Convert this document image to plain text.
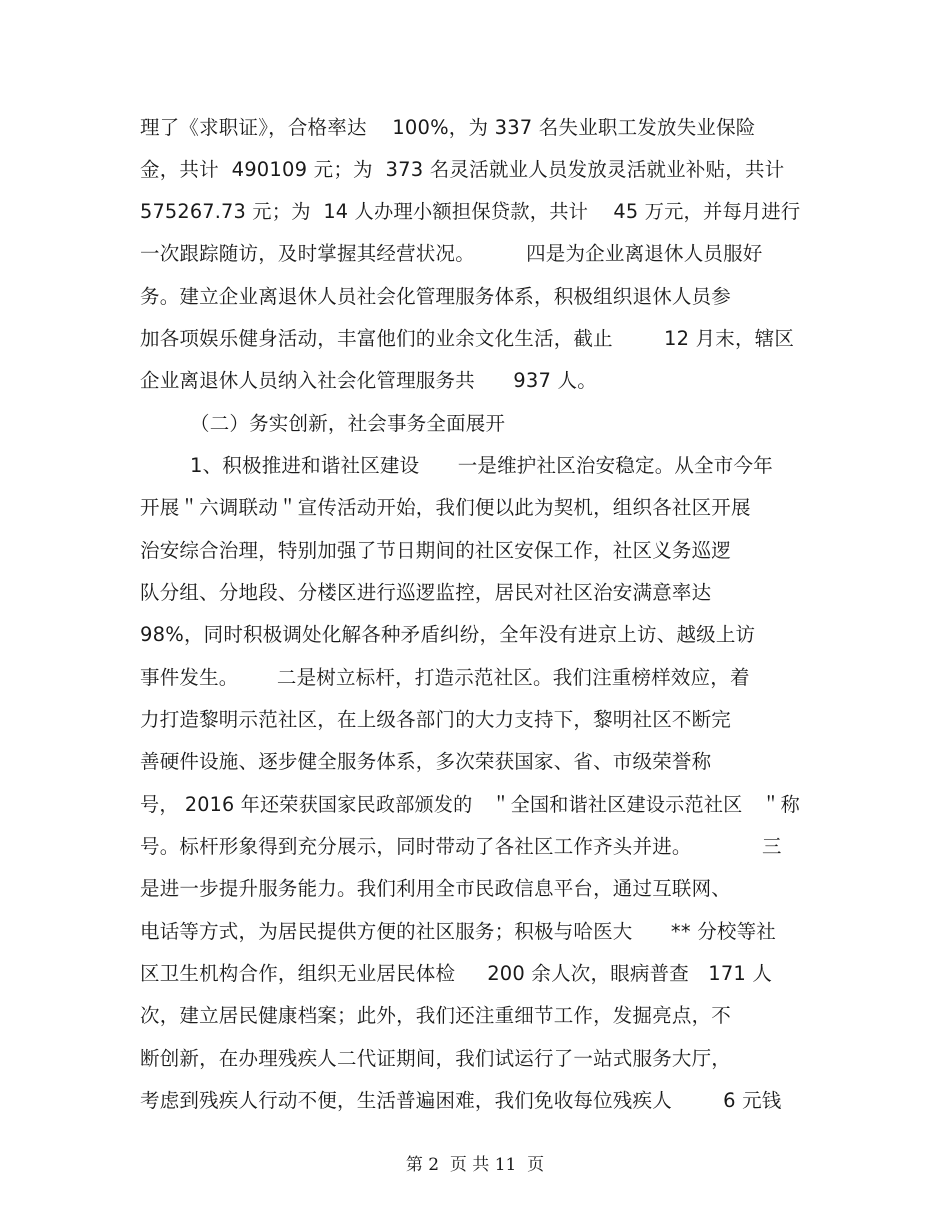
理了《求职证》，合格率达    100%，为 337 名失业职工发放失业保险
金，共计  490109 元；为  373 名灵活就业人员发放灵活就业补贴，共计
575267.73 元；为  14 人办理小额担保贷款，共计    45 万元，并每月进行
一次跟踪随访，及时掌握其经营状况。        四是为企业离退休人员服好
务。建立企业离退休人员社会化管理服务体系，积极组织退休人员参
加各项娱乐健身活动，丰富他们的业余文化生活，截止        12 月末，辖区
企业离退休人员纳入社会化管理服务共      937 人。
（二）务实创新，社会事务全面展开
1、积极推进和谐社区建设      一是维护社区治安稳定。从全市今年
开展＂六调联动＂宣传活动开始，我们便以此为契机，组织各社区开展
治安综合治理，特别加强了节日期间的社区安保工作，社区义务巡逻
队分组、分地段、分楼区进行巡逻监控，居民对社区治安满意率达
98%，同时积极调处化解各种矛盾纠纷，全年没有进京上访、越级上访
事件发生。      二是树立标杆，打造示范社区。我们注重榜样效应，着
力打造黎明示范社区，在上级各部门的大力支持下，黎明社区不断完
善硬件设施、逐步健全服务体系，多次荣获国家、省、市级荣誉称
号， 2016 年还荣获国家民政部颁发的   ＂全国和谐社区建设示范社区   ＂称
号。标杆形象得到充分展示，同时带动了各社区工作齐头并进。           三
是进一步提升服务能力。我们利用全市民政信息平台，通过互联网、
电话等方式，为居民提供方便的社区服务；积极与哈医大      ** 分校等社
区卫生机构合作，组织无业居民体检     200 余人次，眼病普查   171 人
次，建立居民健康档案；此外，我们还注重细节工作，发掘亮点，不
断创新，在办理残疾人二代证期间，我们试运行了一站式服务大厅，
考虑到残疾人行动不便，生活普遍困难，我们免收每位残疾人        6 元钱
第 2  页 共 11  页
